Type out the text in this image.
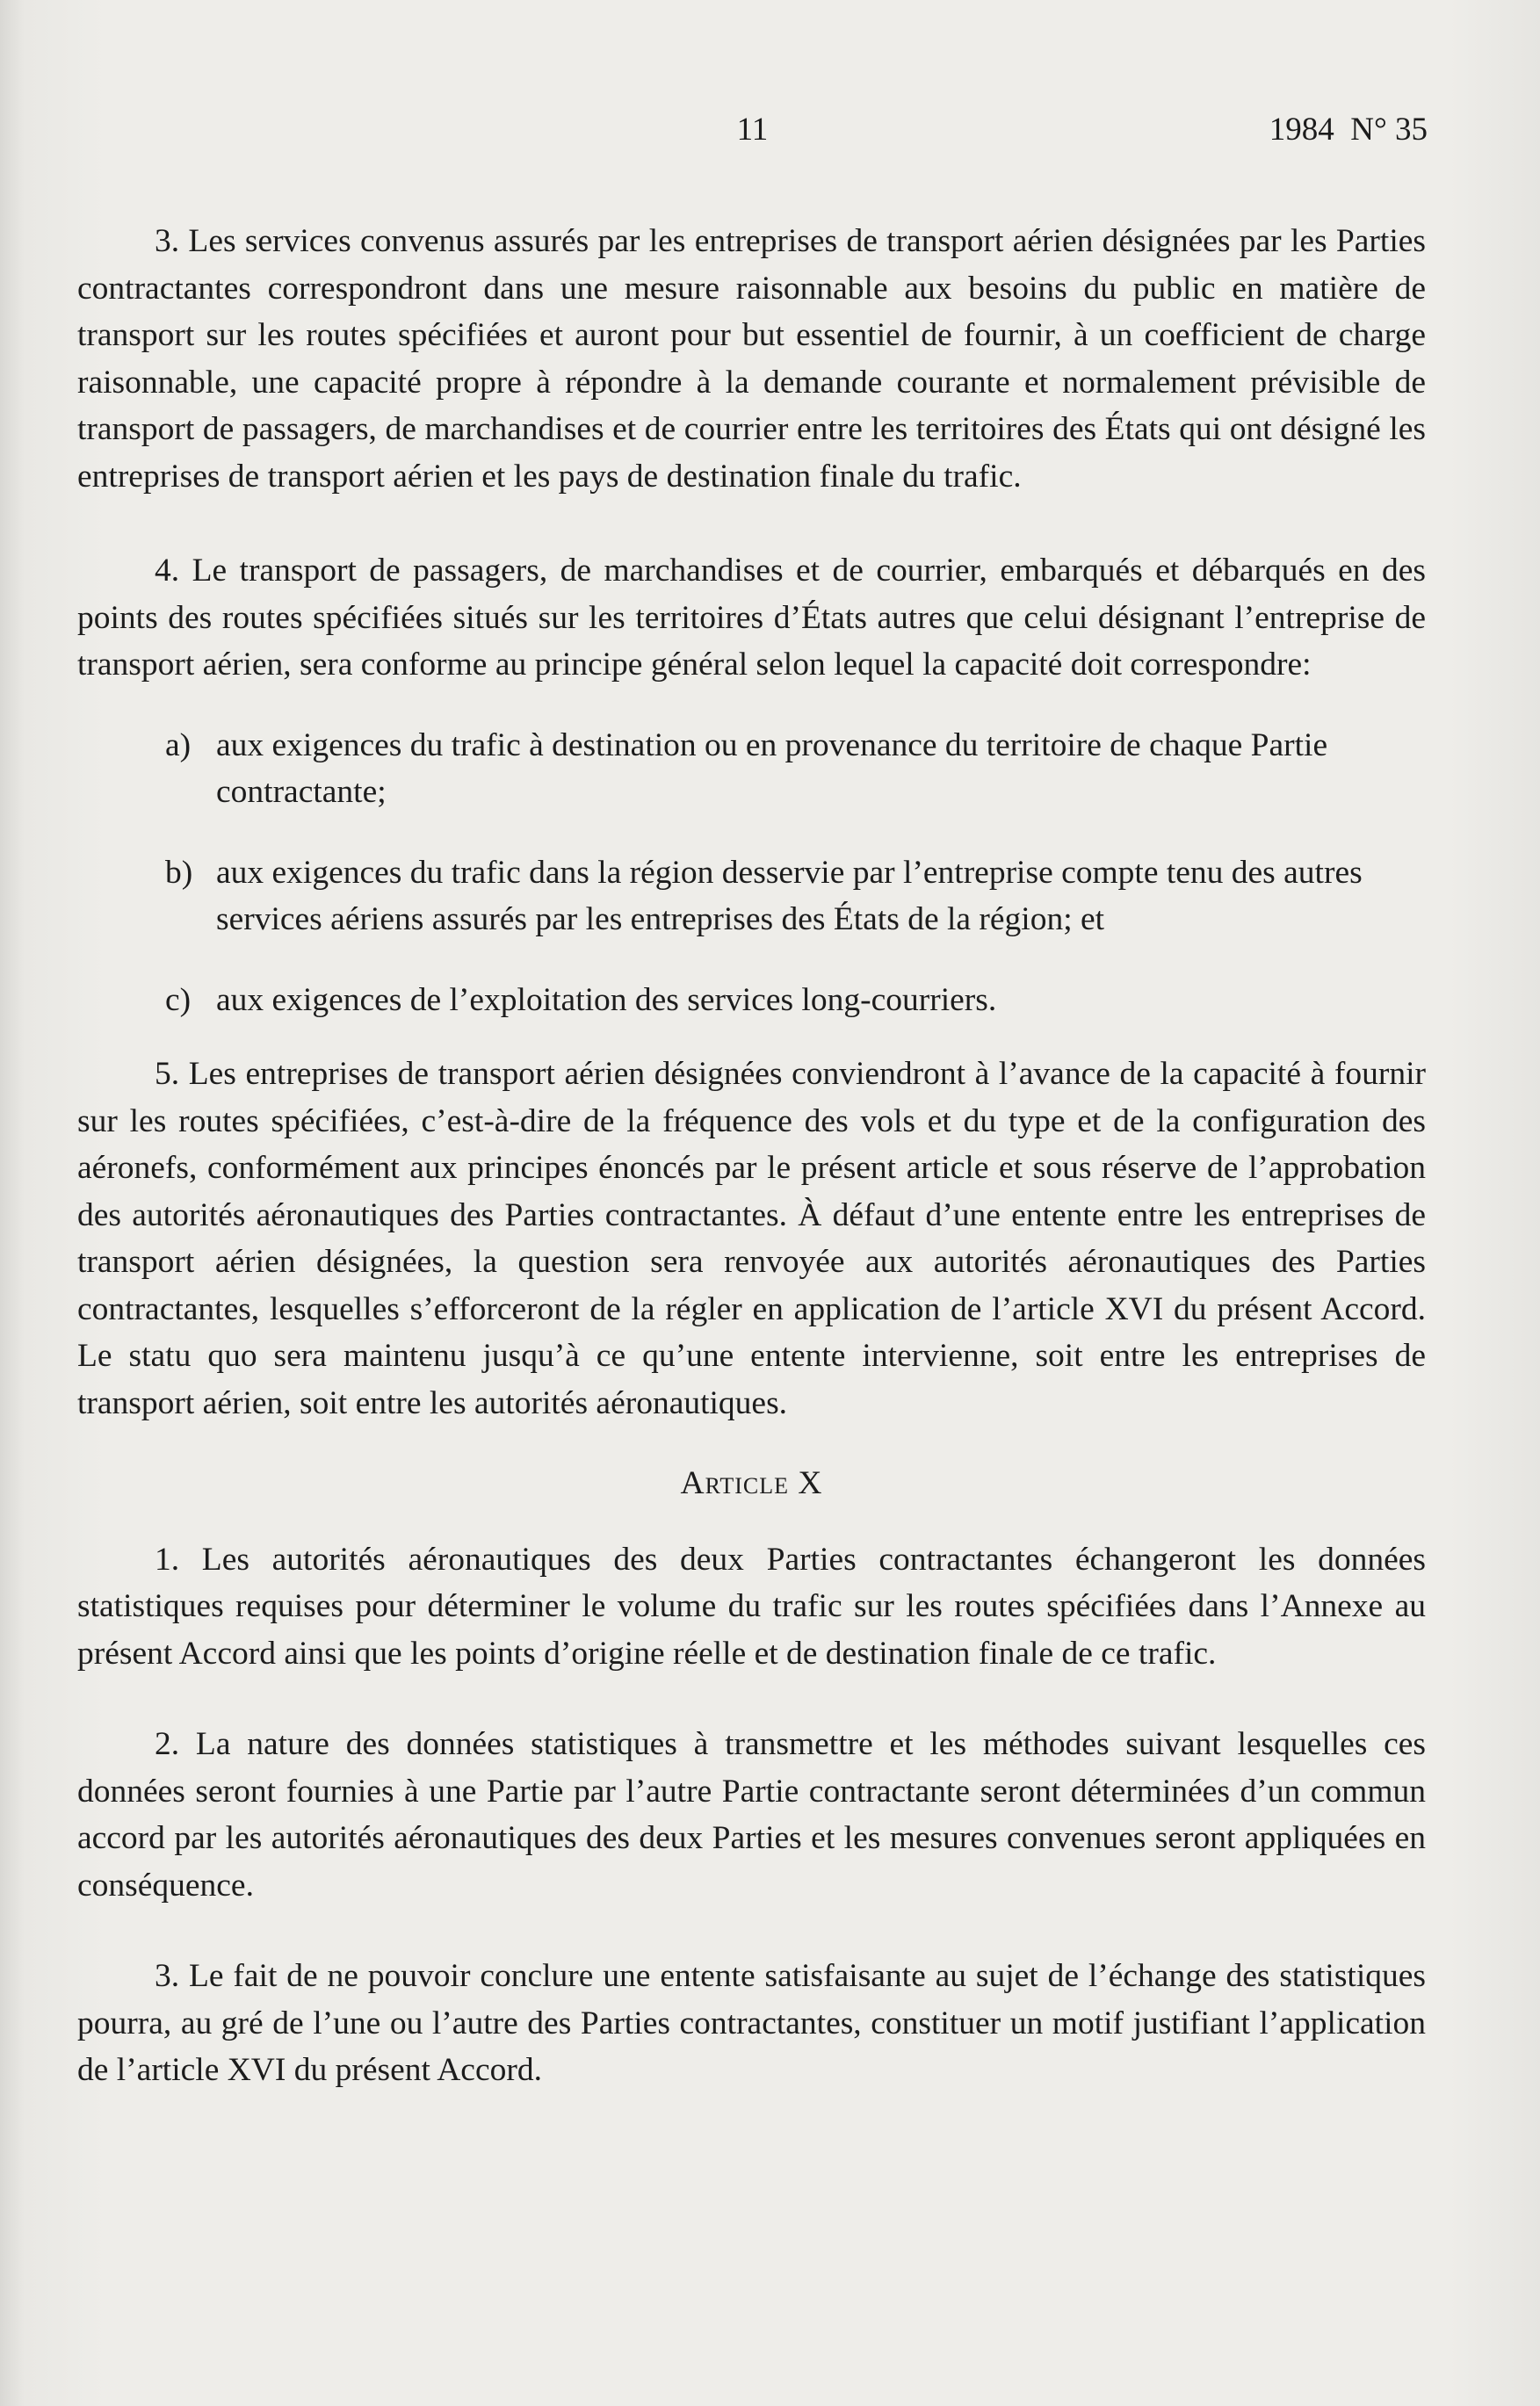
11	1984  N° 35

3. Les services convenus assurés par les entreprises de transport aérien désignées par les Parties contractantes correspondront dans une mesure raisonnable aux besoins du public en matière de transport sur les routes spécifiées et auront pour but essentiel de fournir, à un coefficient de charge raisonnable, une capacité propre à répondre à la demande courante et normalement prévisible de transport de passagers, de marchandises et de courrier entre les territoires des États qui ont désigné les entreprises de transport aérien et les pays de destination finale du trafic.

4. Le transport de passagers, de marchandises et de courrier, embarqués et débarqués en des points des routes spécifiées situés sur les territoires d’États autres que celui désignant l’entreprise de transport aérien, sera conforme au principe général selon lequel la capacité doit correspondre:

a) aux exigences du trafic à destination ou en provenance du territoire de chaque Partie contractante;
b) aux exigences du trafic dans la région desservie par l’entreprise compte tenu des autres services aériens assurés par les entreprises des États de la région; et
c) aux exigences de l’exploitation des services long-courriers.

5. Les entreprises de transport aérien désignées conviendront à l’avance de la capacité à fournir sur les routes spécifiées, c’est-à-dire de la fréquence des vols et du type et de la configuration des aéronefs, conformément aux principes énoncés par le présent article et sous réserve de l’approbation des autorités aéronautiques des Parties contractantes. À défaut d’une entente entre les entreprises de transport aérien désignées, la question sera renvoyée aux autorités aéronautiques des Parties contractantes, lesquelles s’efforceront de la régler en application de l’article XVI du présent Accord. Le statu quo sera maintenu jusqu’à ce qu’une entente intervienne, soit entre les entreprises de transport aérien, soit entre les autorités aéronautiques.

Article X

1. Les autorités aéronautiques des deux Parties contractantes échangeront les données statistiques requises pour déterminer le volume du trafic sur les routes spécifiées dans l’Annexe au présent Accord ainsi que les points d’origine réelle et de destination finale de ce trafic.

2. La nature des données statistiques à transmettre et les méthodes suivant lesquelles ces données seront fournies à une Partie par l’autre Partie contractante seront déterminées d’un commun accord par les autorités aéronautiques des deux Parties et les mesures convenues seront appliquées en conséquence.

3. Le fait de ne pouvoir conclure une entente satisfaisante au sujet de l’échange des statistiques pourra, au gré de l’une ou l’autre des Parties contractantes, constituer un motif justifiant l’application de l’article XVI du présent Accord.
